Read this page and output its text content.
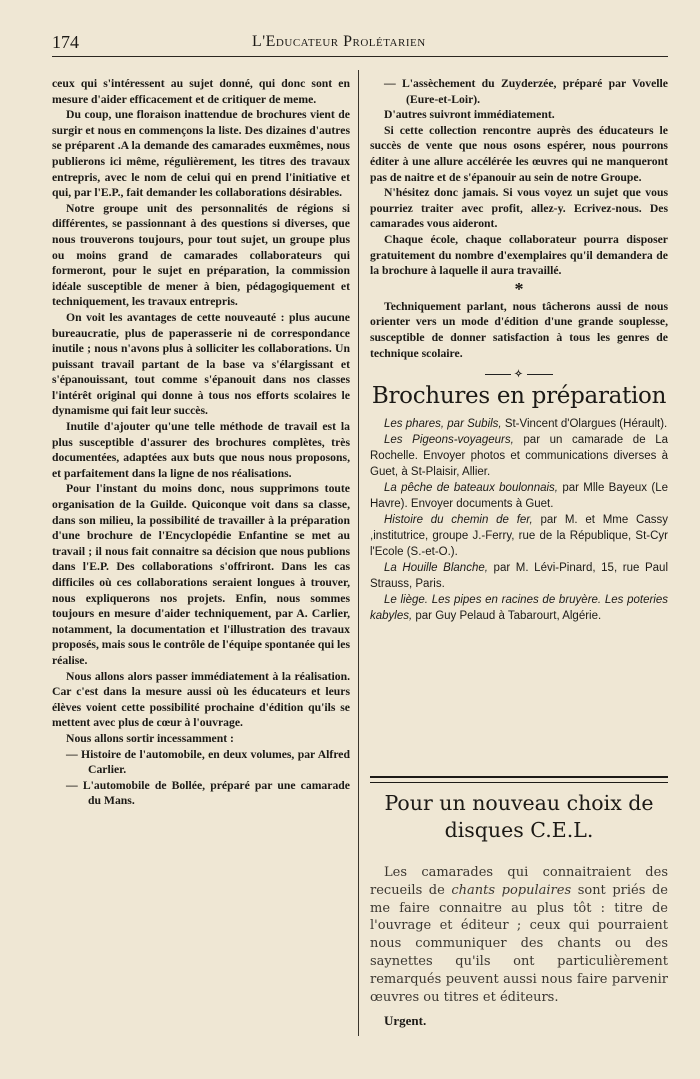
174	L'Educateur Prolétarien

ceux qui s'intéressent au sujet donné, qui donc sont en mesure d'aider efficacement et de critiquer de meme.

Du coup, une floraison inattendue de brochures vient de surgir et nous en commençons la liste. Des dizaines d'autres se préparent .A la demande des camarades euxmêmes, nous publierons ici même, régulièrement, les titres des travaux entrepris, avec le nom de celui qui en prend l'initiative et qui, par l'E.P., fait demander les collaborations désirables.

Notre groupe unit des personnalités de régions si différentes, se passionnant à des questions si diverses, que nous trouverons toujours, pour tout sujet, un groupe plus ou moins grand de camarades collaborateurs qui formeront, pour le sujet en préparation, la commission idéale susceptible de mener à bien, pédagogiquement et techniquement, les travaux entrepris.

On voit les avantages de cette nouveauté : plus aucune bureaucratie, plus de paperasserie ni de correspondance inutile ; nous n'avons plus à solliciter les collaborations. Un puissant travail partant de la base va s'élargissant et s'épanouissant, tout comme s'épanouit dans nos classes l'intérêt original qui donne à tous nos efforts scolaires le dynamisme qui fait leur succès.

Inutile d'ajouter qu'une telle méthode de travail est la plus susceptible d'assurer des brochures complètes, très documentées, adaptées aux buts que nous nous proposons, et parfaitement dans la ligne de nos réalisations.

Pour l'instant du moins donc, nous supprimons toute organisation de la Guilde. Quiconque voit dans sa classe, dans son milieu, la possibilité de travailler à la préparation d'une brochure de l'Encyclopédie Enfantine se met au travail ; il nous fait connaitre sa décision que nous publions dans l'E.P. Des collaborations s'offriront. Dans les cas difficiles où ces collaborations seraient longues à trouver, nous expliquerons nos projets. Enfin, nous sommes toujours en mesure d'aider techniquement, par A. Carlier, notamment, la documentation et l'illustration des travaux proposés, mais sous le contrôle de l'équipe spontanée qui les réalise.

Nous allons alors passer immédiatement à la réalisation. Car c'est dans la mesure aussi où les éducateurs et leurs élèves voient cette possibilité prochaine d'édition qu'ils se mettent avec plus de cœur à l'ouvrage.

Nous allons sortir incessamment :

— Histoire de l'automobile, en deux volumes, par Alfred Carlier.

— L'automobile de Bollée, préparé par une camarade du Mans.

— L'assèchement du Zuyderzée, préparé par Vovelle (Eure-et-Loir).

D'autres suivront immédiatement.

Si cette collection rencontre auprès des éducateurs le succès de vente que nous osons espérer, nous pourrons éditer à une allure accélérée les œuvres qui ne manqueront pas de naitre et de s'épanouir au sein de notre Groupe.

N'hésitez donc jamais. Si vous voyez un sujet que vous pourriez traiter avec profit, allez-y. Ecrivez-nous. Des camarades vous aideront.

Chaque école, chaque collaborateur pourra disposer gratuitement du nombre d'exemplaires qu'il demandera de la brochure à laquelle il aura travaillé.

*

Techniquement parlant, nous tâcherons aussi de nous orienter vers un mode d'édition d'une grande souplesse, susceptible de donner satisfaction à tous les genres de technique scolaire.

✧
Brochures en préparation

Les phares, par Subils, St-Vincent d'Olargues (Hérault).

Les Pigeons-voyageurs, par un camarade de La Rochelle. Envoyer photos et communications diverses à Guet, à St-Plaisir, Allier.

La pêche de bateaux boulonnais, par Mlle Bayeux (Le Havre). Envoyer documents à Guet.

Histoire du chemin de fer, par M. et Mme Cassy ,institutrice, groupe J.-Ferry, rue de la République, St-Cyr l'Ecole (S.-et-O.).

La Houille Blanche, par M. Lévi-Pinard, 15, rue Paul Strauss, Paris.

Le liège. Les pipes en racines de bruyère. Les poteries kabyles, par Guy Pelaud à Tabarourt, Algérie.

Pour un nouveau choix de disques C.E.L.

Les camarades qui connaitraient des recueils de chants populaires sont priés de me faire connaitre au plus tôt : titre de l'ouvrage et éditeur ; ceux qui pourraient nous communiquer des chants ou des saynettes qu'ils ont particulièrement remarqués peuvent aussi nous faire parvenir œuvres ou titres et éditeurs.

Urgent.
